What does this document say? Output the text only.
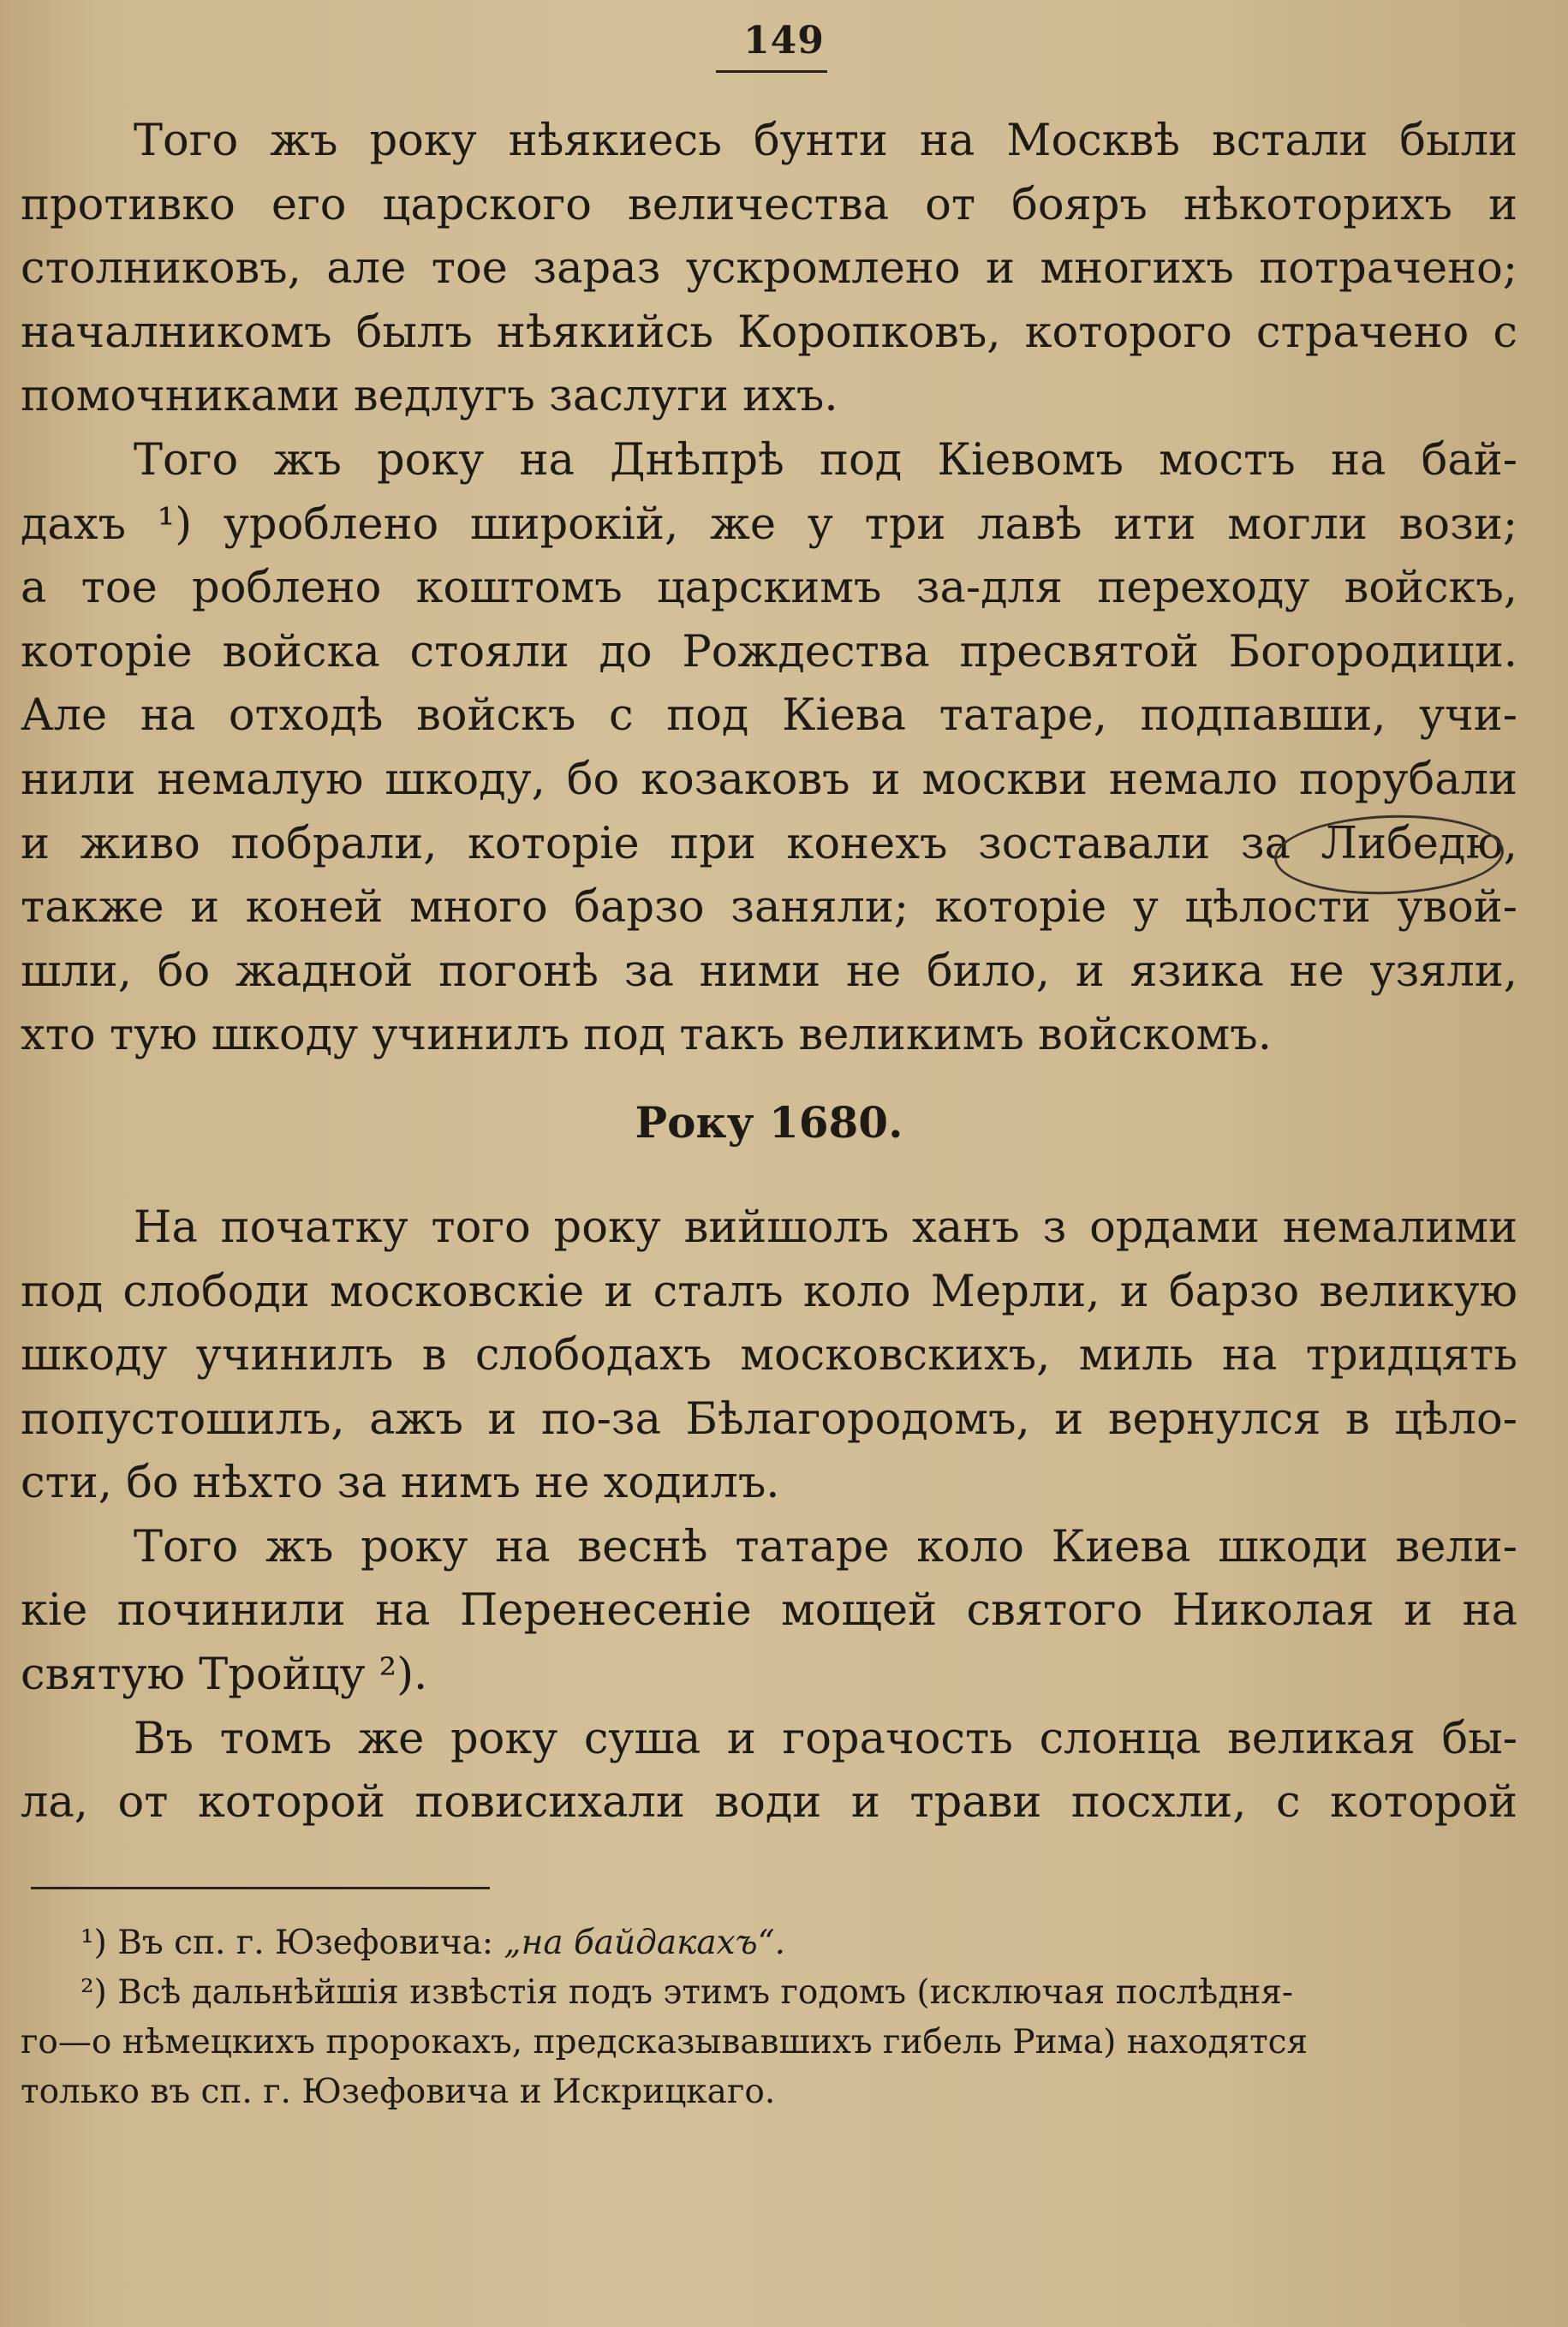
149
Того жъ року нѣякиесь бунти на Москвѣ встали были
противко его царского величества от бояръ нѣкоторихъ и
столниковъ, але тое зараз ускромлено и многихъ потрачено;
началникомъ былъ нѣякийсь Коропковъ, которого страчено с
помочниками ведлугъ заслуги ихъ.
Того жъ року на Днѣпрѣ под Кіевомъ мостъ на бай-
дахъ ¹) уроблено широкій, же у три лавѣ ити могли вози;
а тое роблено коштомъ царскимъ за-для переходу войскъ,
которіе войска стояли до Рождества пресвятой Богородици.
Але на отходѣ войскъ с под Кіева татаре, подпавши, учи-
нили немалую шкоду, бо козаковъ и москви немало порубали
и живо побрали, которіе при конехъ зоставали за Либедю,
также и коней много барзо заняли; которіе у цѣлости увой-
шли, бо жадной погонѣ за ними не било, и язика не узяли,
хто тую шкоду учинилъ под такъ великимъ войскомъ.
Року 1680.
На початку того року вийшолъ ханъ з ордами немалими
под слободи московскіе и сталъ коло Мерли, и барзо великую
шкоду учинилъ в слободахъ московскихъ, миль на тридцять
попустошилъ, ажъ и по-за Бѣлагородомъ, и вернулся в цѣло-
сти, бо нѣхто за нимъ не ходилъ.
Того жъ року на веснѣ татаре коло Киева шкоди вели-
кіе починили на Перенесеніе мощей святого Николая и на
святую Тройцу ²).
Въ томъ же року суша и горачость слонца великая бы-
ла, от которой повисихали води и трави посхли, с которой
¹) Въ сп. г. Юзефовича: „на байдакахъ“.
²) Всѣ дальнѣйшія извѣстія подъ этимъ годомъ (исключая послѣдня-
го—о нѣмецкихъ пророкахъ, предсказывавшихъ гибель Рима) находятся
только въ сп. г. Юзефовича и Искрицкаго.
